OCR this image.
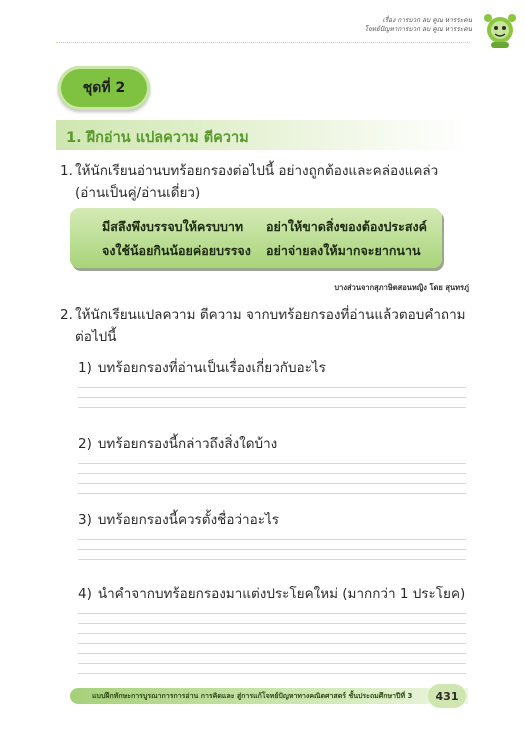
เรื่อง การบวก ลบ คูณ หารระคน
โจทย์ปัญหาการบวก ลบ คูณ หารระคน
ชุดที่ 2
1. ฝึกอ่าน แปลความ ตีความ
1. ให้นักเรียนอ่านบทร้อยกรองต่อไปนี้ อย่างถูกต้องและคล่องแคล่ว (อ่านเป็นคู่/อ่านเดี่ยว)
มีสลึงพึงบรรจบให้ครบบาท อย่าให้ขาดสิ่งของต้องประสงค์
จงใช้น้อยกินน้อยค่อยบรรจง อย่าจ่ายลงให้มากจะยากนาน
บางส่วนจากสุภาษิตสอนหญิง โดย สุนทรภู่
2. ให้นักเรียนแปลความ ตีความ จากบทร้อยกรองที่อ่านแล้วตอบคำถาม ต่อไปนี้
1) บทร้อยกรองที่อ่านเป็นเรื่องเกี่ยวกับอะไร
2) บทร้อยกรองนี้กล่าวถึงสิ่งใดบ้าง
3) บทร้อยกรองนี้ควรตั้งชื่อว่าอะไร
4) นำคำจากบทร้อยกรองมาแต่งประโยคใหม่ (มากกว่า 1 ประโยค)
แบบฝึกทักษะการบูรณาการการอ่าน การคิดและ สู่การแก้โจทย์ปัญหาทางคณิตศาสตร์ ชั้นประถมศึกษาปีที่ 3 431
